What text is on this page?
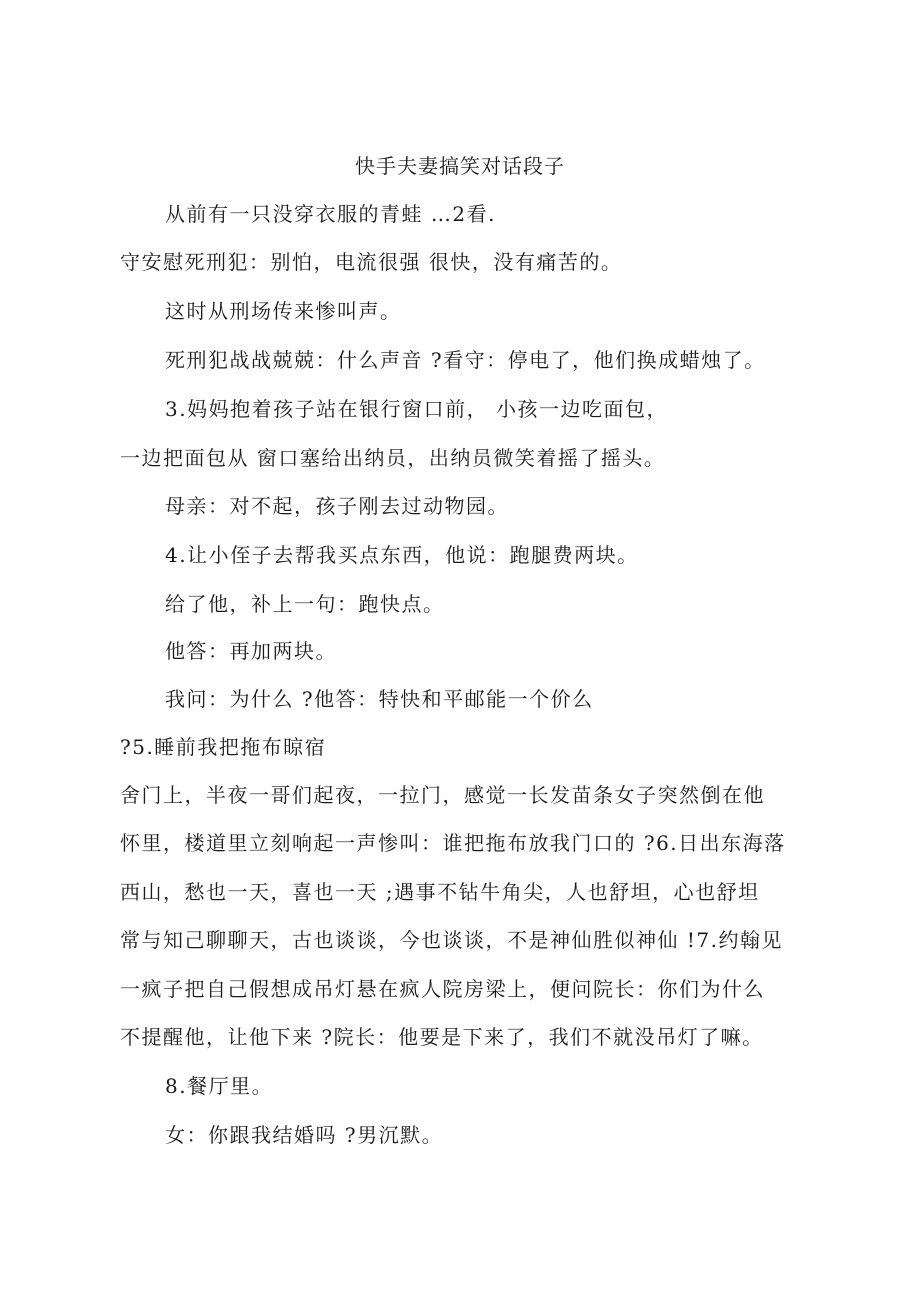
快手夫妻搞笑对话段子
从前有一只没穿衣服的青蛙 …2看.
守安慰死刑犯：别怕，电流很强 很快，没有痛苦的。
这时从刑场传来惨叫声。
死刑犯战战兢兢：什么声音 ?看守：停电了，他们换成蜡烛了。
3.妈妈抱着孩子站在银行窗口前， 小孩一边吃面包，
一边把面包从 窗口塞给出纳员，出纳员微笑着摇了摇头。
母亲：对不起，孩子刚去过动物园。
4.让小侄子去帮我买点东西，他说：跑腿费两块。
给了他，补上一句：跑快点。
他答：再加两块。
我问：为什么 ?他答：特快和平邮能一个价么
?5.睡前我把拖布晾宿
舍门上，半夜一哥们起夜，一拉门，感觉一长发苗条女子突然倒在他
怀里，楼道里立刻响起一声惨叫：谁把拖布放我门口的 ?6.日出东海落
西山，愁也一天，喜也一天 ;遇事不钻牛角尖，人也舒坦，心也舒坦
常与知己聊聊天，古也谈谈，今也谈谈，不是神仙胜似神仙 !7.约翰见
一疯子把自己假想成吊灯悬在疯人院房梁上，便问院长：你们为什么
不提醒他，让他下来 ?院长：他要是下来了，我们不就没吊灯了嘛。
8.餐厅里。
女：你跟我结婚吗 ?男沉默。
